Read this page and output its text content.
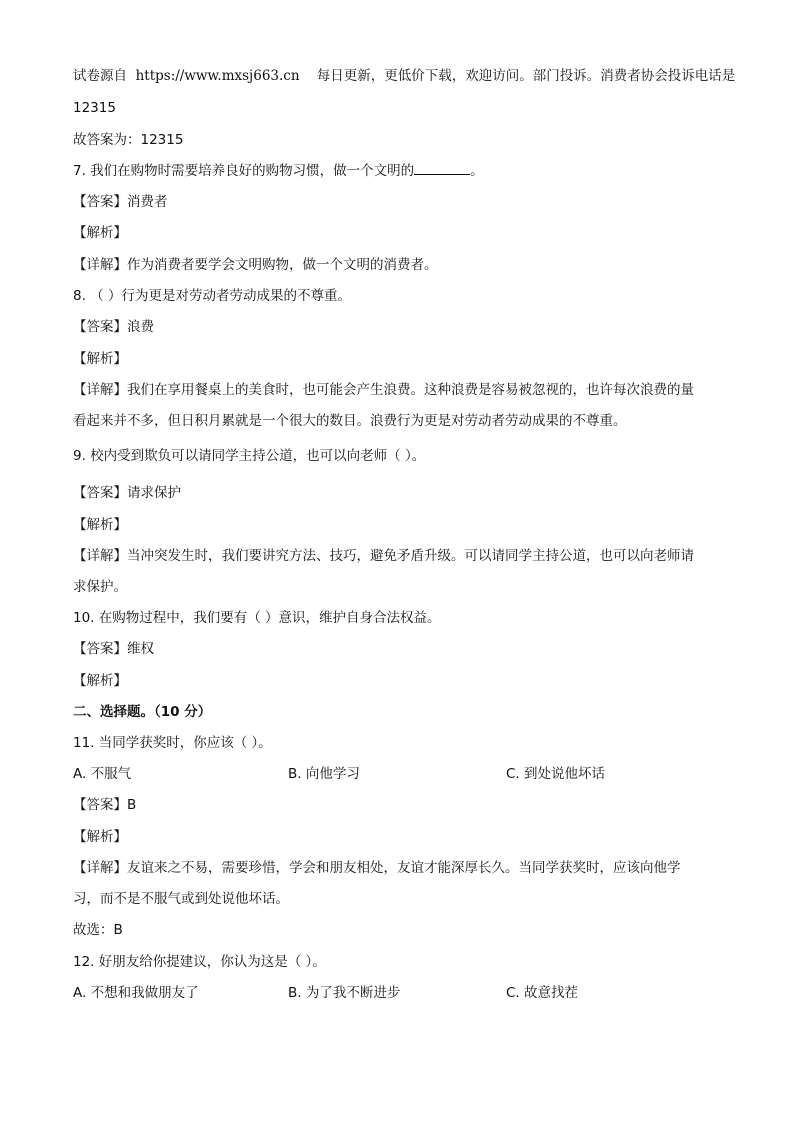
试卷源自 https://www.mxsj663.cn 每日更新，更低价下载，欢迎访问。部门投诉。消费者协会投诉电话是
12315
故答案为：12315
7. 我们在购物时需要培养良好的购物习惯，做一个文明的	。
【答案】消费者
【解析】
【详解】作为消费者要学会文明购物，做一个文明的消费者。
8. （ ）行为更是对劳动者劳动成果的不尊重。
【答案】浪费
【解析】
【详解】我们在享用餐桌上的美食时，也可能会产生浪费。这种浪费是容易被忽视的，也许每次浪费的量
看起来并不多，但日积月累就是一个很大的数目。浪费行为更是对劳动者劳动成果的不尊重。
9. 校内受到欺负可以请同学主持公道，也可以向老师（ ）。
【答案】请求保护
【解析】
【详解】当冲突发生时，我们要讲究方法、技巧，避免矛盾升级。可以请同学主持公道，也可以向老师请
求保护。
10. 在购物过程中，我们要有（ ）意识，维护自身合法权益。
【答案】维权
【解析】
二、选择题。（10 分）
11. 当同学获奖时，你应该（ ）。
A. 不服气	B. 向他学习	C. 到处说他坏话
【答案】B
【解析】
【详解】友谊来之不易，需要珍惜，学会和朋友相处，友谊才能深厚长久。当同学获奖时，应该向他学
习，而不是不服气或到处说他坏话。
故选：B
12. 好朋友给你提建议，你认为这是（ ）。
A. 不想和我做朋友了	B. 为了我不断进步	C. 故意找茬
